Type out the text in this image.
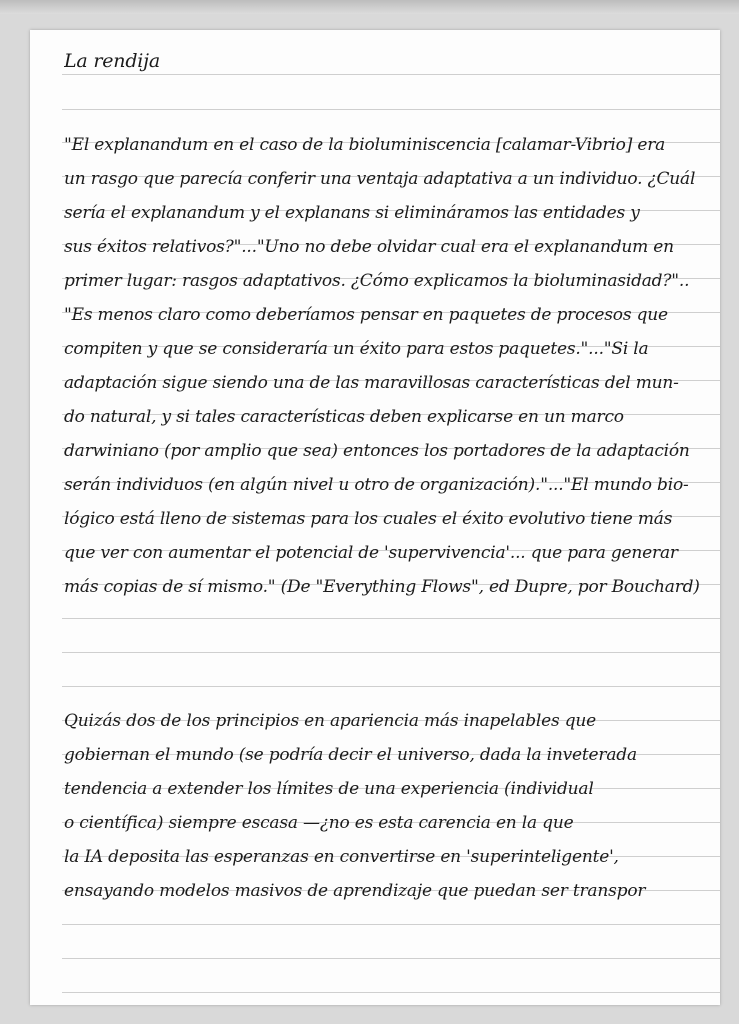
La rendija
"El explanandum en el caso de la bioluminiscencia [calamar-Vibrio] era
un rasgo que parecía conferir una ventaja adaptativa a un individuo. ¿Cuál
sería el explanandum y el explanans si elimináramos las entidades y
sus éxitos relativos?"..."Uno no debe olvidar cual era el explanandum en
primer lugar: rasgos adaptativos. ¿Cómo explicamos la bioluminasidad?"..
"Es menos claro como deberíamos pensar en paquetes de procesos que
compiten y que se consideraría un éxito para estos paquetes."..."Si la
adaptación sigue siendo una de las maravillosas características del mun-
do natural, y si tales características deben explicarse en un marco
darwiniano (por amplio que sea) entonces los portadores de la adaptación
serán individuos (en algún nivel u otro de organización)."..."El mundo bio-
lógico está lleno de sistemas para los cuales el éxito evolutivo tiene más
que ver con aumentar el potencial de 'supervivencia'... que para generar
más copias de sí mismo." (De "Everything Flows", ed Dupre, por Bouchard)
Quizás dos de los principios en apariencia más inapelables que
gobiernan el mundo (se podría decir el universo, dada la inveterada
tendencia a extender los límites de una experiencia (individual
o científica) siempre escasa —¿no es esta carencia en la que
la IA deposita las esperanzas en convertirse en 'superinteligente',
ensayando modelos masivos de aprendizaje que puedan ser transpor
